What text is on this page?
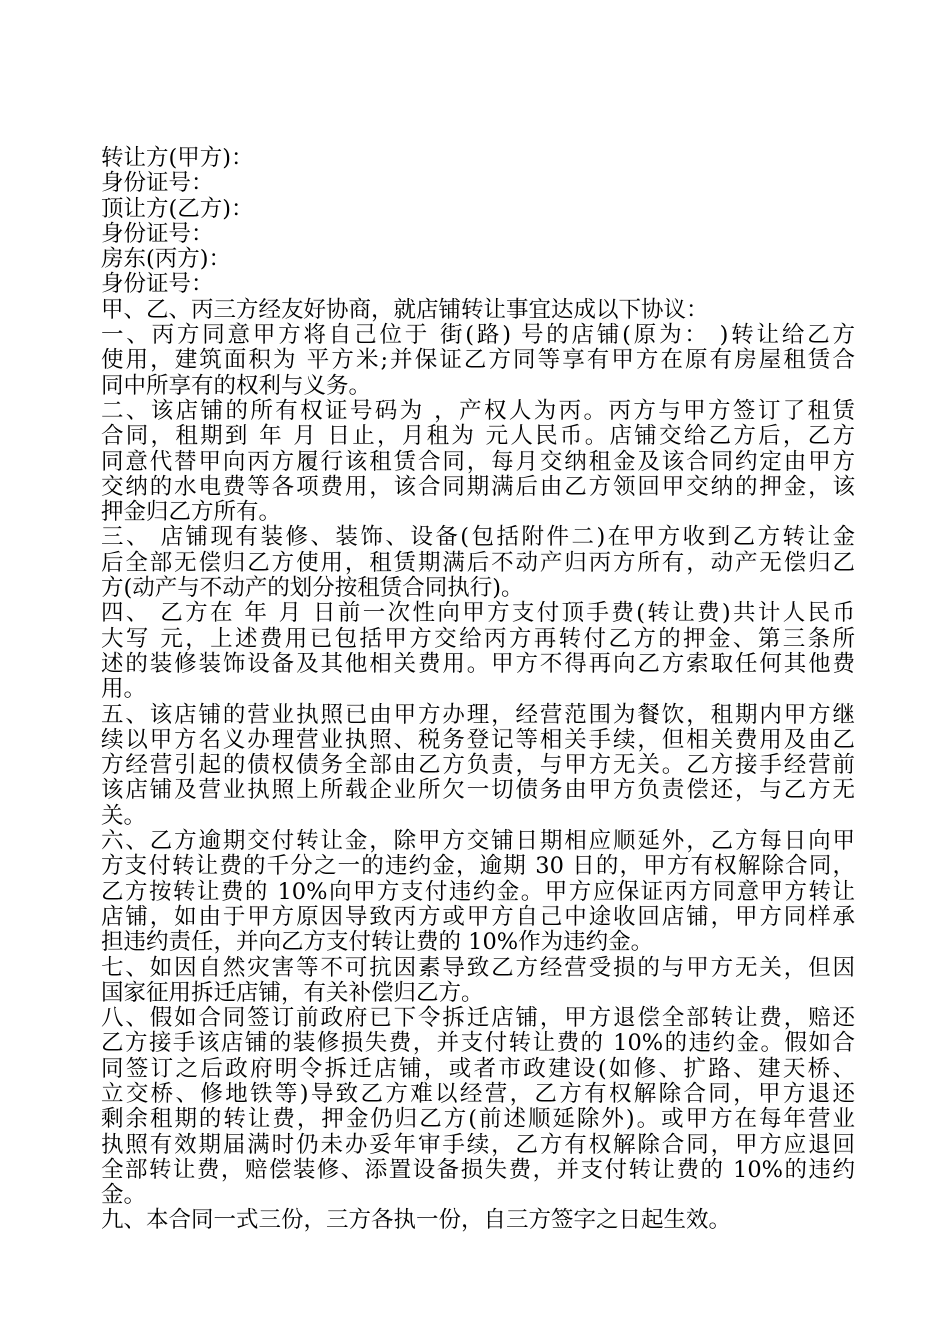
转让方(甲方)：
身份证号：
顶让方(乙方)：
身份证号：
房东(丙方)：
身份证号：
甲、乙、丙三方经友好协商，就店铺转让事宜达成以下协议：
一、丙方同意甲方将自己位于 街(路) 号的店铺(原为： )转让给乙方
使用，建筑面积为 平方米;并保证乙方同等享有甲方在原有房屋租赁合
同中所享有的权利与义务。
二、该店铺的所有权证号码为 ，产权人为丙。丙方与甲方签订了租赁
合同，租期到 年 月 日止，月租为 元人民币。店铺交给乙方后，乙方
同意代替甲向丙方履行该租赁合同，每月交纳租金及该合同约定由甲方
交纳的水电费等各项费用，该合同期满后由乙方领回甲交纳的押金，该
押金归乙方所有。
三、 店铺现有装修、装饰、设备(包括附件二)在甲方收到乙方转让金
后全部无偿归乙方使用，租赁期满后不动产归丙方所有，动产无偿归乙
方(动产与不动产的划分按租赁合同执行)。
四、 乙方在 年 月 日前一次性向甲方支付顶手费(转让费)共计人民币
大写 元，上述费用已包括甲方交给丙方再转付乙方的押金、第三条所
述的装修装饰设备及其他相关费用。甲方不得再向乙方索取任何其他费
用。
五、该店铺的营业执照已由甲方办理，经营范围为餐饮，租期内甲方继
续以甲方名义办理营业执照、税务登记等相关手续，但相关费用及由乙
方经营引起的债权债务全部由乙方负责，与甲方无关。乙方接手经营前
该店铺及营业执照上所载企业所欠一切债务由甲方负责偿还，与乙方无
关。
六、乙方逾期交付转让金，除甲方交铺日期相应顺延外，乙方每日向甲
方支付转让费的千分之一的违约金，逾期 30 日的，甲方有权解除合同，
乙方按转让费的 10%向甲方支付违约金。甲方应保证丙方同意甲方转让
店铺，如由于甲方原因导致丙方或甲方自己中途收回店铺，甲方同样承
担违约责任，并向乙方支付转让费的 10%作为违约金。
七、如因自然灾害等不可抗因素导致乙方经营受损的与甲方无关，但因
国家征用拆迁店铺，有关补偿归乙方。
八、假如合同签订前政府已下令拆迁店铺，甲方退偿全部转让费，赔还
乙方接手该店铺的装修损失费，并支付转让费的 10%的违约金。假如合
同签订之后政府明令拆迁店铺，或者市政建设(如修、扩路、建天桥、
立交桥、修地铁等)导致乙方难以经营，乙方有权解除合同，甲方退还
剩余租期的转让费，押金仍归乙方(前述顺延除外)。或甲方在每年营业
执照有效期届满时仍未办妥年审手续，乙方有权解除合同，甲方应退回
全部转让费，赔偿装修、添置设备损失费，并支付转让费的 10%的违约
金。
九、本合同一式三份，三方各执一份，自三方签字之日起生效。
